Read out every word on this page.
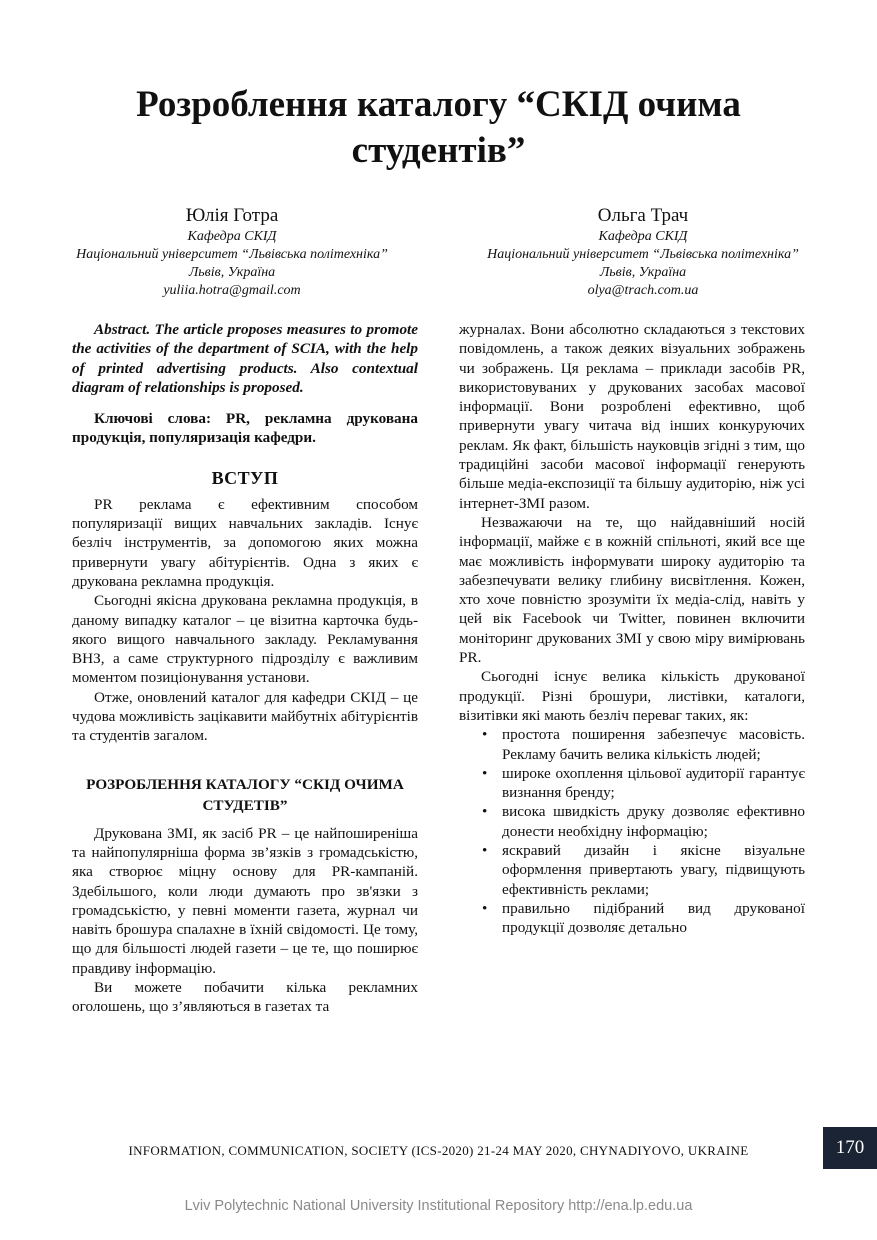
Розроблення каталогу “СКІД очима студентів”
Юлія Готра
Кафедра СКІД
Національний університет “Львівська політехніка”
Львів, Україна
yuliia.hotra@gmail.com
Ольга Трач
Кафедра СКІД
Національний університет “Львівська політехніка”
Львів, Україна
olya@trach.com.ua

Abstract. The article proposes measures to promote the activities of the department of SCIA, with the help of printed advertising products. Also contextual diagram of relationships is proposed.

Ключові слова: PR, рекламна друкована продукція, популяризація кафедри.

ВСТУП

PR реклама є ефективним способом популяризації вищих навчальних закладів. Існує безліч інструментів, за допомогою яких можна привернути увагу абітурієнтів. Одна з яких є друкована рекламна продукція.

Сьогодні якісна друкована рекламна продукція, в даному випадку каталог – це візитна карточка будь-якого вищого навчального закладу. Рекламування ВНЗ, а саме структурного підрозділу є важливим моментом позиціонування установи.

Отже, оновлений каталог для кафедри СКІД – це чудова можливість зацікавити майбутніх абітурієнтів та студентів загалом.

РОЗРОБЛЕННЯ КАТАЛОГУ “СКІД ОЧИМА СТУДЕТІВ”

Друкована ЗМІ, як засіб PR – це найпоширеніша та найпопулярніша форма зв’язків з громадськістю, яка створює міцну основу для PR-кампаній. Здебільшого, коли люди думають про зв'язки з громадськістю, у певні моменти газета, журнал чи навіть брошура спалахне в їхній свідомості. Це тому, що для більшості людей газети – це те, що поширює правдиву інформацію.

Ви можете побачити кілька рекламних оголошень, що з’являються в газетах та

журналах. Вони абсолютно складаються з текстових повідомлень, а також деяких візуальних зображень чи зображень. Ця реклама – приклади засобів PR, використовуваних у друкованих засобах масової інформації. Вони розроблені ефективно, щоб привернути увагу читача від інших конкуруючих реклам. Як факт, більшість науковців згідні з тим, що традиційні засоби масової інформації генерують більше медіа-експозиції та більшу аудиторію, ніж усі інтернет-ЗМІ разом.

Незважаючи на те, що найдавніший носій інформації, майже є в кожній спільноті, який все ще має можливість інформувати широку аудиторію та забезпечувати велику глибину висвітлення. Кожен, хто хоче повністю зрозуміти їх медіа-слід, навіть у цей вік Facebook чи Twitter, повинен включити моніторинг друкованих ЗМІ у свою міру вимірювань PR.

Сьогодні існує велика кількість друкованої продукції. Різні брошури, листівки, каталоги, візитівки які мають безліч переваг таких, як:

• простота поширення забезпечує масовість. Рекламу бачить велика кількість людей;
• широке охоплення цільової аудиторії гарантує визнання бренду;
• висока швидкість друку дозволяє ефективно донести необхідну інформацію;
• яскравий дизайн і якісне візуальне оформлення привертають увагу, підвищують ефективність реклами;
• правильно підібраний вид друкованої продукції дозволяє детально
INFORMATION, COMMUNICATION, SOCIETY (ICS-2020) 21-24 MAY 2020, CHYNADIYOVO, UKRAINE	170
Lviv Polytechnic National University Institutional Repository http://ena.lp.edu.ua
